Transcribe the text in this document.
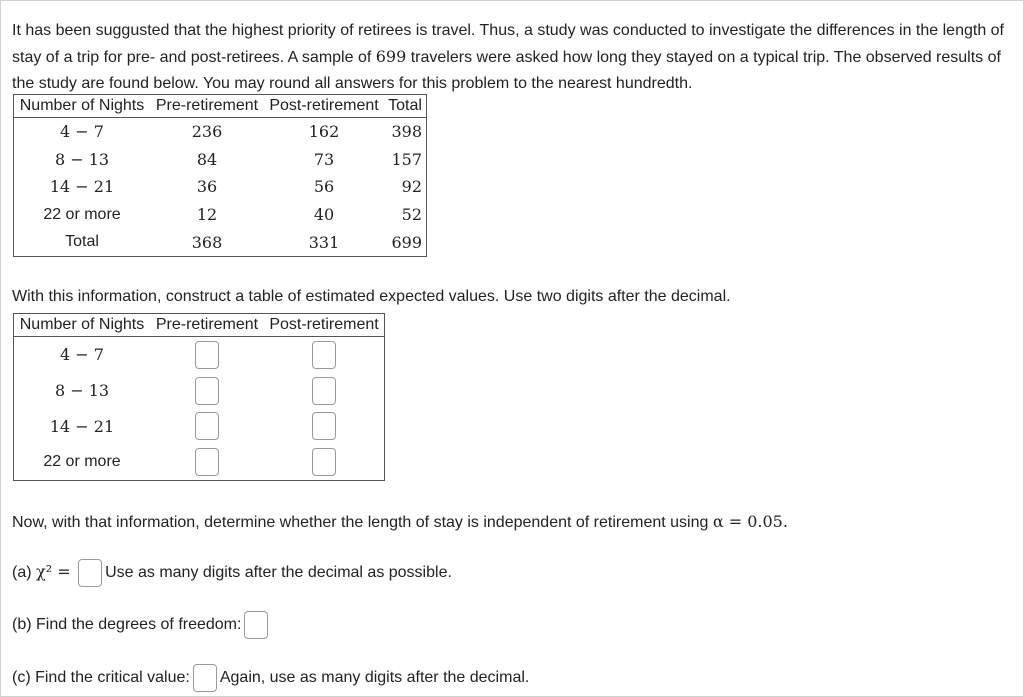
It has been suggusted that the highest priority of retirees is travel. Thus, a study was conducted to investigate the differences in the length of stay of a trip for pre- and post-retirees. A sample of 699 travelers were asked how long they stayed on a typical trip. The observed results of the study are found below. You may round all answers for this problem to the nearest hundredth.

Number of Nights	Pre-retirement	Post-retirement	Total
4 − 7	236	162	398
8 − 13	84	73	157
14 − 21	36	56	92
22 or more	12	40	52
Total	368	331	699
With this information, construct a table of estimated expected values. Use two digits after the decimal.
Number of Nights	Pre-retirement	Post-retirement
4 − 7		
8 − 13		
14 − 21		
22 or more		
Now, with that information, determine whether the length of stay is independent of retirement using α = 0.05.
(a) χ² = Use as many digits after the decimal as possible.
(b) Find the degrees of freedom:
(c) Find the critical value: Again, use as many digits after the decimal.
